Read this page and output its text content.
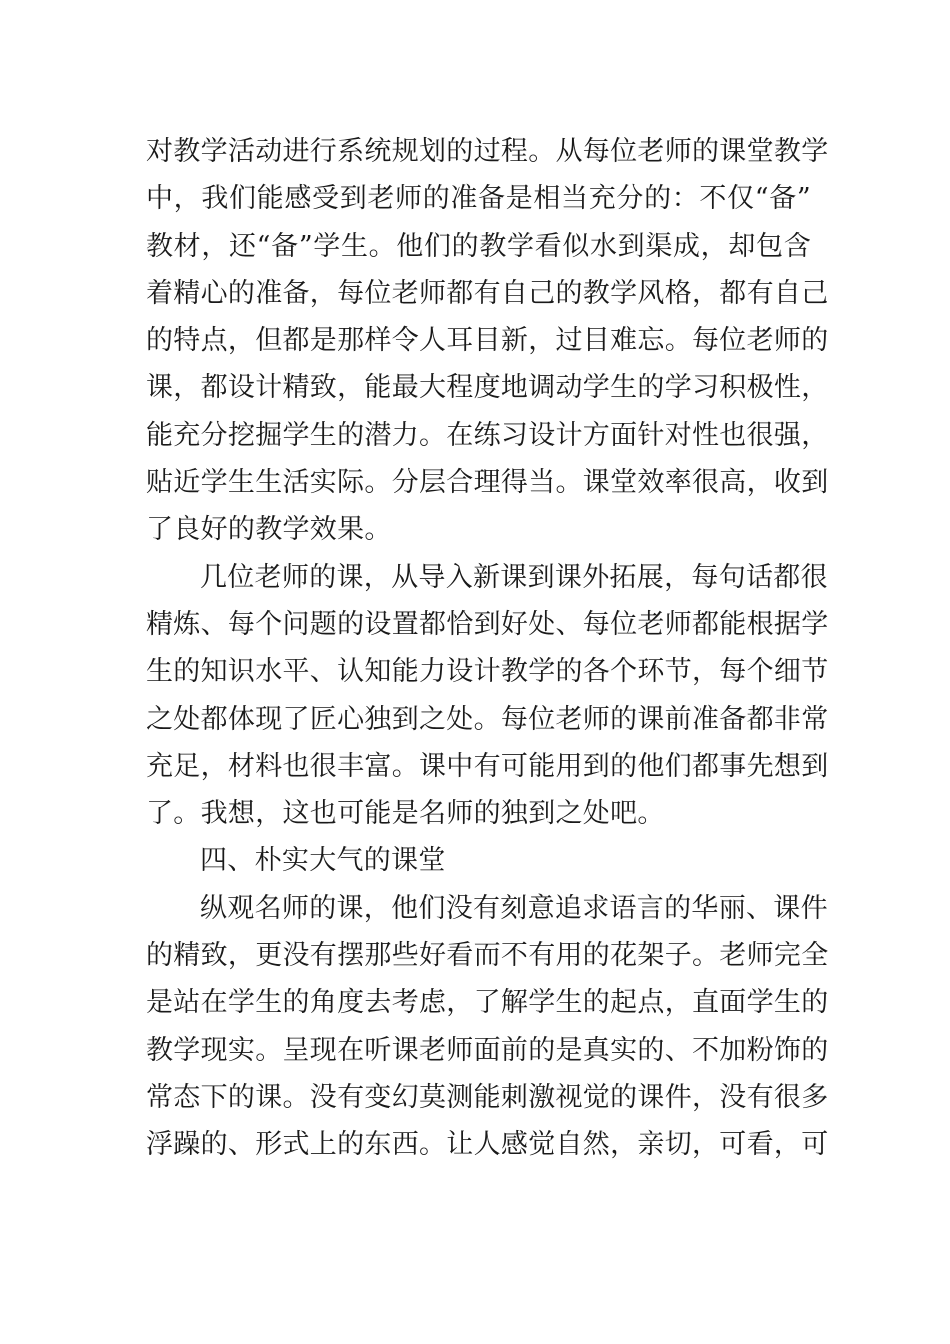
对教学活动进行系统规划的过程。从每位老师的课堂教学
中，我们能感受到老师的准备是相当充分的：不仅“备”
教材，还“备”学生。他们的教学看似水到渠成，却包含
着精心的准备，每位老师都有自己的教学风格，都有自己
的特点，但都是那样令人耳目新，过目难忘。每位老师的
课，都设计精致，能最大程度地调动学生的学习积极性，
能充分挖掘学生的潜力。在练习设计方面针对性也很强，
贴近学生生活实际。分层合理得当。课堂效率很高，收到
了良好的教学效果。
几位老师的课，从导入新课到课外拓展，每句话都很
精炼、每个问题的设置都恰到好处、每位老师都能根据学
生的知识水平、认知能力设计教学的各个环节，每个细节
之处都体现了匠心独到之处。每位老师的课前准备都非常
充足，材料也很丰富。课中有可能用到的他们都事先想到
了。我想，这也可能是名师的独到之处吧。
四、朴实大气的课堂
纵观名师的课，他们没有刻意追求语言的华丽、课件
的精致，更没有摆那些好看而不有用的花架子。老师完全
是站在学生的角度去考虑，了解学生的起点，直面学生的
教学现实。呈现在听课老师面前的是真实的、不加粉饰的
常态下的课。没有变幻莫测能刺激视觉的课件，没有很多
浮躁的、形式上的东西。让人感觉自然，亲切，可看，可
